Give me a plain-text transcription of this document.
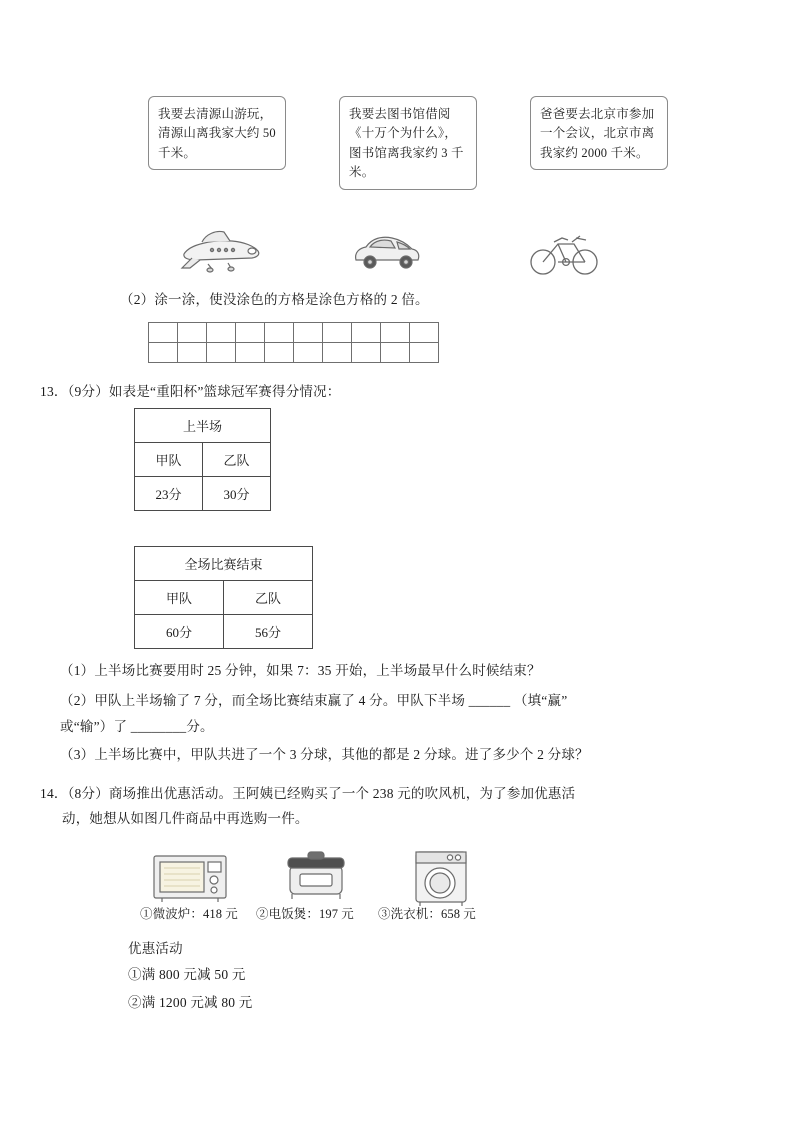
我要去清源山游玩，清源山离我家大约 50 千米。
我要去图书馆借阅《十万个为什么》，图书馆离我家约 3 千米。
爸爸要去北京市参加一个会议，北京市离我家约 2000 千米。
（2）涂一涂，使没涂色的方格是涂色方格的 2 倍。

13．（9分）如表是“重阳杯”篮球冠军赛得分情况：
上半场	
甲队	乙队
23分	30分
全场比赛结束	
甲队	乙队
60分	56分
（1）上半场比赛要用时 25 分钟，如果 7：35 开始，上半场最早什么时候结束？
（2）甲队上半场输了 7 分，而全场比赛结束赢了 4 分。甲队下半场 ______ （填“赢”
或“输”）了 ________分。
（3）上半场比赛中，甲队共进了一个 3 分球，其他的都是 2 分球。进了多少个 2 分球？
14．（8分）商场推出优惠活动。王阿姨已经购买了一个 238 元的吹风机，为了参加优惠活
动，她想从如图几件商品中再选购一件。
①微波炉：418 元 ②电饭煲：197 元 ③洗衣机：658 元
优惠活动
①满 800 元减 50 元
②满 1200 元减 80 元
